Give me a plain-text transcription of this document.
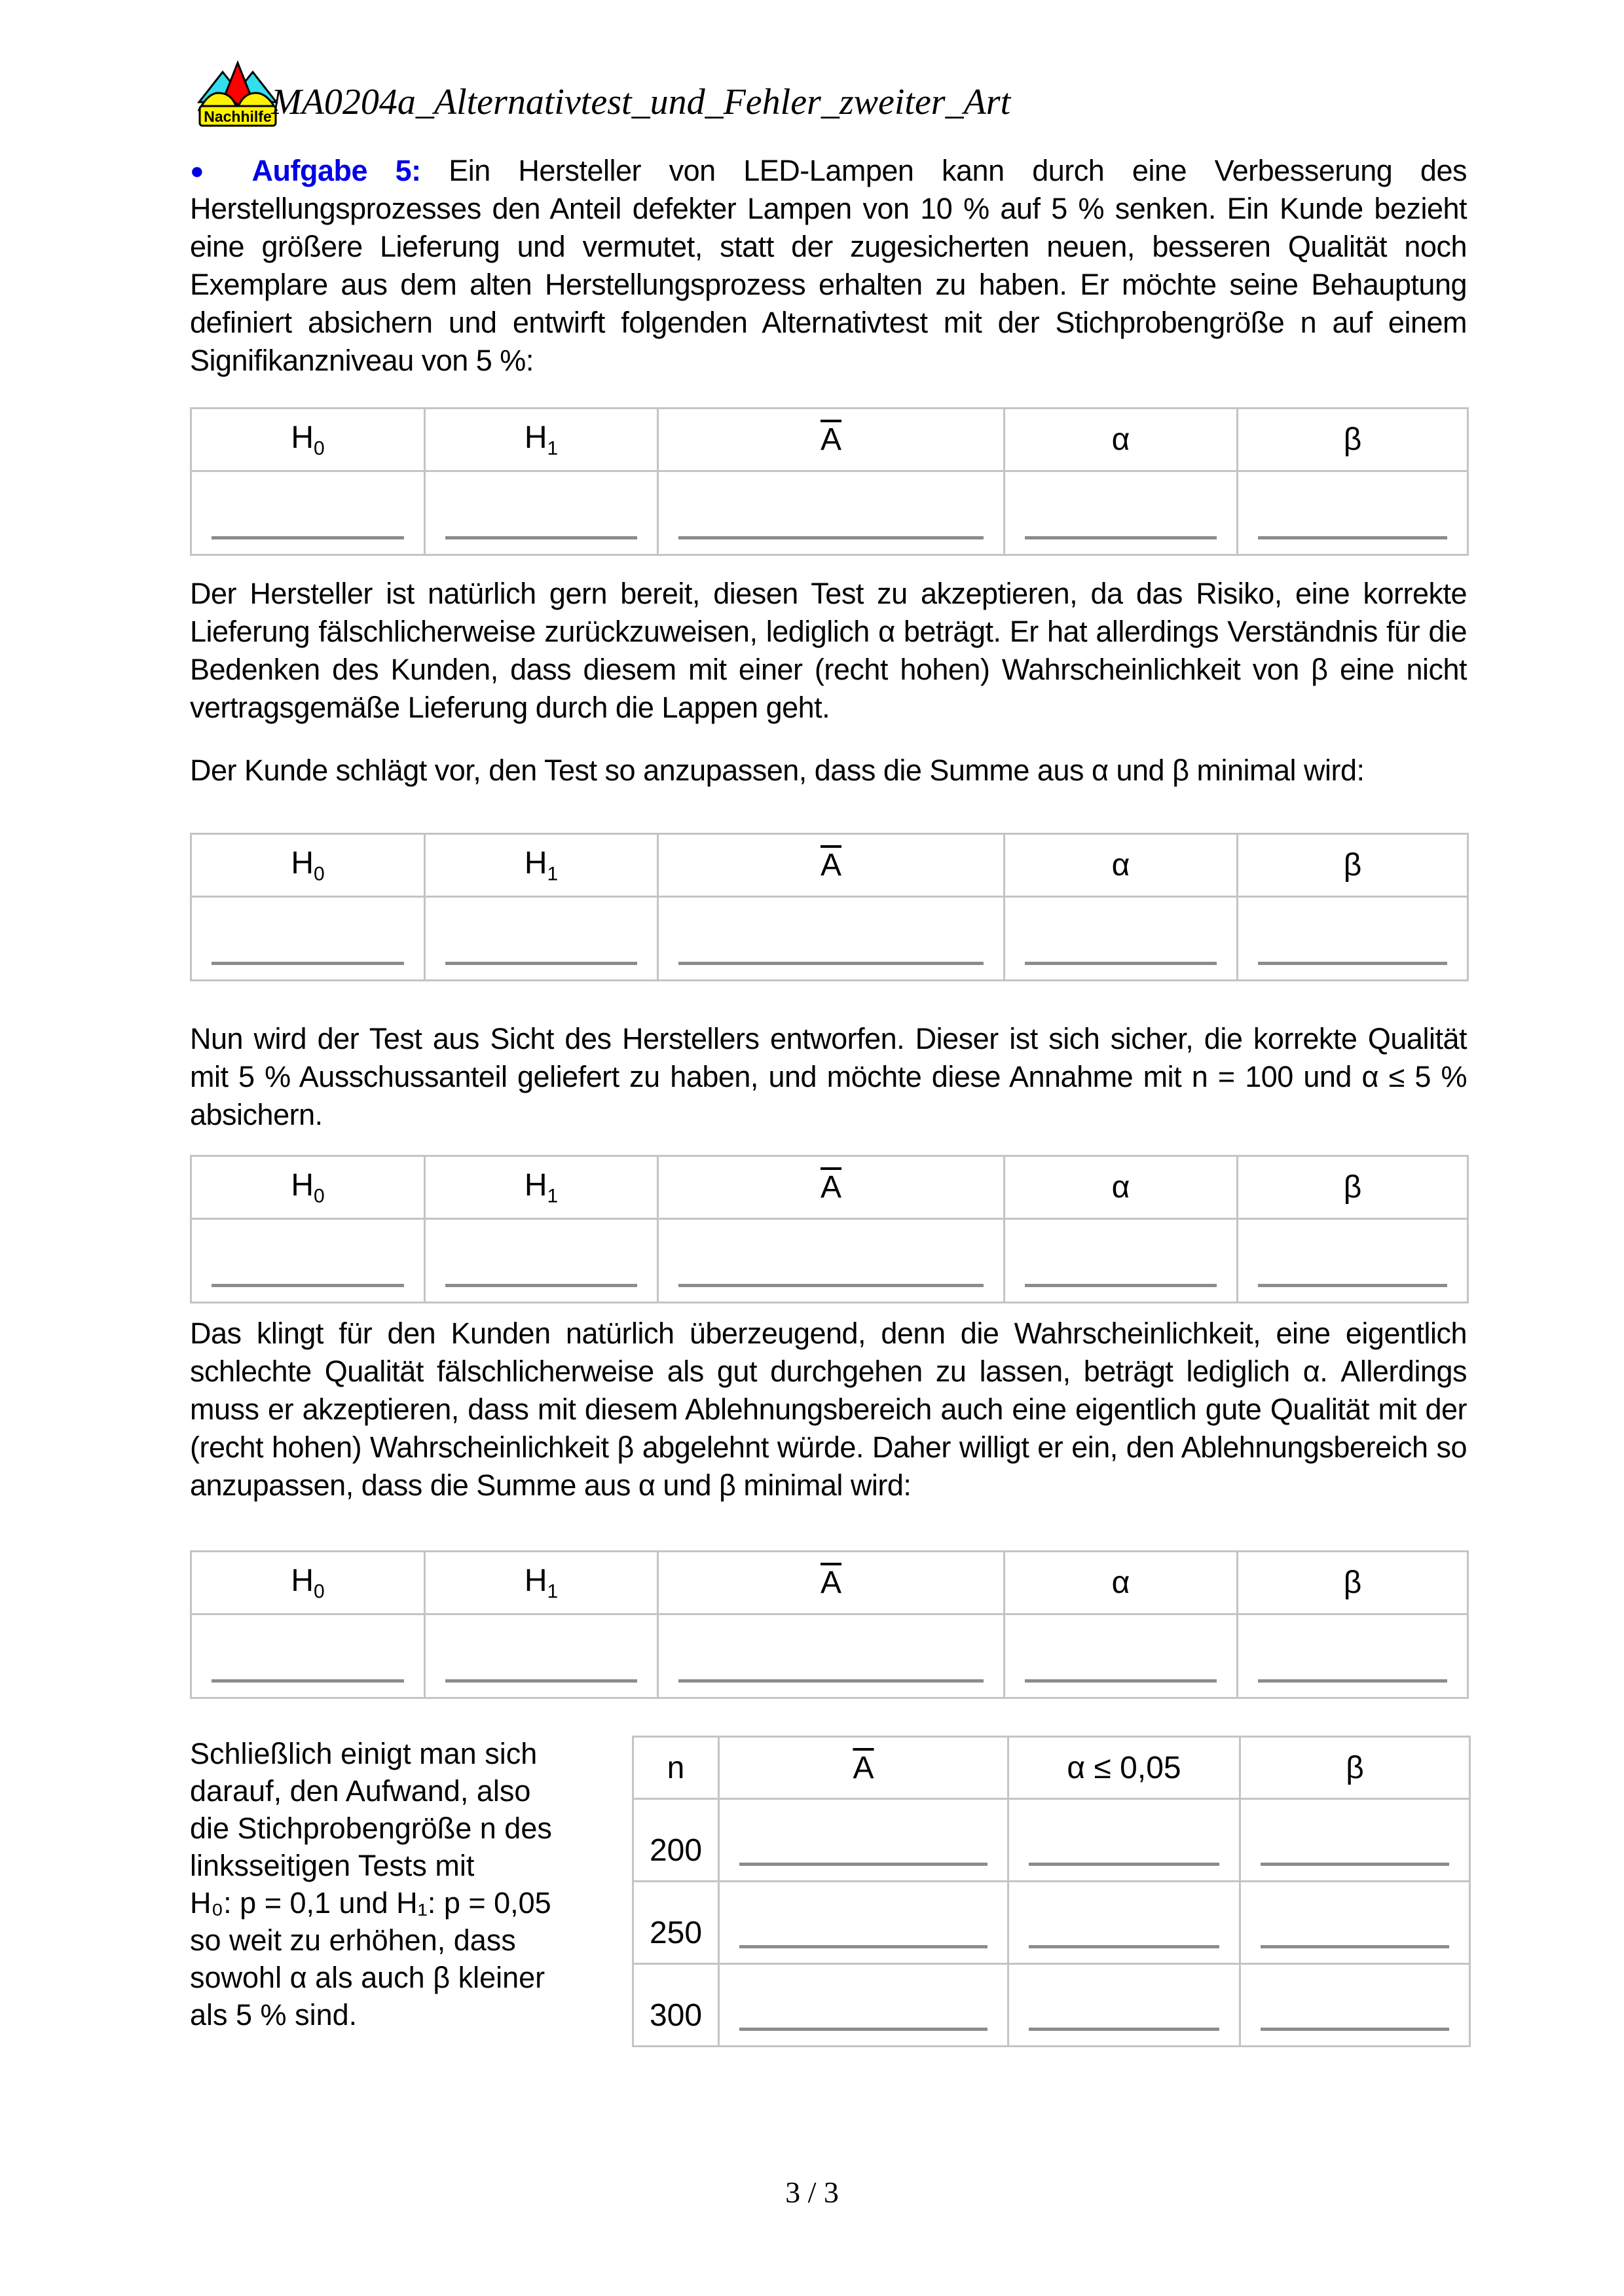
Nachhilfe MA0204a_Alternativtest_und_Fehler_zweiter_Art

● Aufgabe 5: Ein Hersteller von LED-Lampen kann durch eine Verbesserung des Herstellungsprozesses den Anteil defekter Lampen von 10 % auf 5 % senken. Ein Kunde bezieht eine größere Lieferung und vermutet, statt der zugesicherten neuen, besseren Qualität noch Exemplare aus dem alten Herstellungsprozess erhalten zu haben. Er möchte seine Behauptung definiert absichern und entwirft folgenden Alternativtest mit der Stichprobengröße n auf einem Signifikanzniveau von 5 %:

$H_0$	$H_1$	$\overline{A}$	α	β

Der Hersteller ist natürlich gern bereit, diesen Test zu akzeptieren, da das Risiko, eine korrekte Lieferung fälschlicherweise zurückzuweisen, lediglich α beträgt. Er hat allerdings Verständnis für die Bedenken des Kunden, dass diesem mit einer (recht hohen) Wahrscheinlichkeit von β eine nicht vertragsgemäße Lieferung durch die Lappen geht.

Der Kunde schlägt vor, den Test so anzupassen, dass die Summe aus α und β minimal wird:

$H_0$	$H_1$	$\overline{A}$	α	β

Nun wird der Test aus Sicht des Herstellers entworfen. Dieser ist sich sicher, die korrekte Qualität mit 5 % Ausschussanteil geliefert zu haben, und möchte diese Annahme mit n = 100 und α ≤ 5 % absichern.

$H_0$	$H_1$	$\overline{A}$	α	β

Das klingt für den Kunden natürlich überzeugend, denn die Wahrscheinlichkeit, eine eigentlich schlechte Qualität fälschlicherweise als gut durchgehen zu lassen, beträgt lediglich α. Allerdings muss er akzeptieren, dass mit diesem Ablehnungsbereich auch eine eigentlich gute Qualität mit der (recht hohen) Wahrscheinlichkeit β abgelehnt würde. Daher willigt er ein, den Ablehnungsbereich so anzupassen, dass die Summe aus α und β minimal wird:

$H_0$	$H_1$	$\overline{A}$	α	β

Schließlich einigt man sich
darauf, den Aufwand, also
die Stichprobengröße n des
linksseitigen Tests mit
H₀: p = 0,1 und H₁: p = 0,05
so weit zu erhöhen, dass
sowohl α als auch β kleiner
als 5 % sind.
n	$\overline{A}$	α ≤ 0,05	β
200	

250	

300	

3 / 3
